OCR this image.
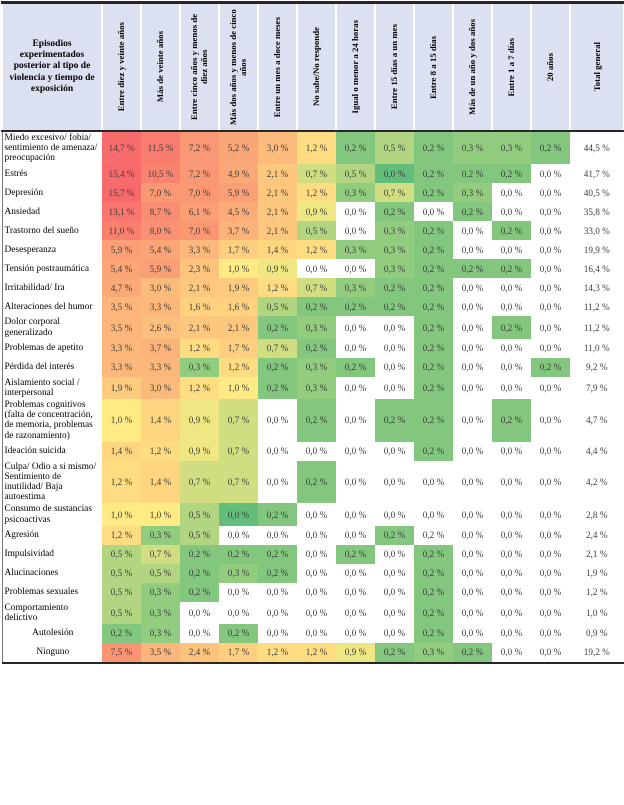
Episodios experimentados posterior al tipo de violencia y tiempo de exposición	Entre diez y veinte años	Más de veinte años	Entre cinco años y menos de diez años	Más dos años y menos de cinco años	Entre un mes a doce meses	No sabe/No responde	Igual o menor a 24 horas	Entre 15 días a un mes	Entre 8 a 15 días	Más de un año y dos años	Entre 1 a 7 días	20 años	Total general

Miedo excesivo/ fobia/ sentimiento de amenaza/ preocupación	14,7 %	11,5 %	7,2 %	5,2 %	3,0 %	1,2 %	0,2 %	0,5 %	0,2 %	0,3 %	0,3 %	0,2 %	44,5 %
Estrés	15,4 %	10,5 %	7,2 %	4,9 %	2,1 %	0,7 %	0,5 %	0,0 %	0,2 %	0,2 %	0,2 %	0,0 %	41,7 %
Depresión	15,7 %	7,0 %	7,0 %	5,9 %	2,1 %	1,2 %	0,3 %	0,7 %	0,2 %	0,3 %	0,0 %	0,0 %	40,5 %
Ansiedad	13,1 %	8,7 %	6,1 %	4,5 %	2,1 %	0,9 %	0,0 %	0,2 %	0,0 %	0,2 %	0,0 %	0,0 %	35,8 %
Trastorno del sueño	11,0 %	8,0 %	7,0 %	3,7 %	2,1 %	0,5 %	0,0 %	0,3 %	0,2 %	0,0 %	0,2 %	0,0 %	33,0 %
Desesperanza	5,9 %	5,4 %	3,3 %	1,7 %	1,4 %	1,2 %	0,3 %	0,3 %	0,2 %	0,0 %	0,0 %	0,0 %	19,9 %
Tensión postraumática	5,4 %	5,9 %	2,3 %	1,0 %	0,9 %	0,0 %	0,0 %	0,3 %	0,2 %	0,2 %	0,2 %	0,0 %	16,4 %
Irritabilidad/ Ira	4,7 %	3,0 %	2,1 %	1,9 %	1,2 %	0,7 %	0,3 %	0,2 %	0,2 %	0,0 %	0,0 %	0,0 %	14,3 %
Alteraciones del humor	3,5 %	3,3 %	1,6 %	1,6 %	0,5 %	0,2 %	0,2 %	0,2 %	0,2 %	0,0 %	0,0 %	0,0 %	11,2 %
Dolor corporal generalizado	3,5 %	2,6 %	2,1 %	2,1 %	0,2 %	0,3 %	0,0 %	0,0 %	0,2 %	0,0 %	0,2 %	0,0 %	11,2 %
Problemas de apetito	3,3 %	3,7 %	1,2 %	1,7 %	0,7 %	0,2 %	0,0 %	0,0 %	0,2 %	0,0 %	0,0 %	0,0 %	11,0 %
Pérdida del interés	3,3 %	3,3 %	0,3 %	1,2 %	0,2 %	0,3 %	0,2 %	0,0 %	0,2 %	0,0 %	0,0 %	0,2 %	9,2 %
Aislamiento social / interpersonal	1,9 %	3,0 %	1,2 %	1,0 %	0,2 %	0,3 %	0,0 %	0,0 %	0,2 %	0,0 %	0,0 %	0,0 %	7,9 %
Problemas cognitivos (falta de concentración, de memoria, problemas de razonamiento)	1,0 %	1,4 %	0,9 %	0,7 %	0,0 %	0,2 %	0,0 %	0,2 %	0,2 %	0,0 %	0,2 %	0,0 %	4,7 %
Ideación suicida	1,4 %	1,2 %	0,9 %	0,7 %	0,0 %	0,0 %	0,0 %	0,0 %	0,2 %	0,0 %	0,0 %	0,0 %	4,4 %
Culpa/ Odio a si mismo/ Sentimiento de inutilidad/ Baja autoestima	1,2 %	1,4 %	0,7 %	0,7 %	0,0 %	0,2 %	0,0 %	0,0 %	0,0 %	0,0 %	0,0 %	0,0 %	4,2 %
Consumo de sustancias psicoactivas	1,0 %	1,0 %	0,5 %	0,0 %	0,2 %	0,0 %	0,0 %	0,0 %	0,0 %	0,0 %	0,0 %	0,0 %	2,8 %
Agresión	1,2 %	0,3 %	0,5 %	0,0 %	0,0 %	0,0 %	0,0 %	0,2 %	0,2 %	0,0 %	0,0 %	0,0 %	2,4 %
Impulsividad	0,5 %	0,7 %	0,2 %	0,2 %	0,2 %	0,0 %	0,2 %	0,0 %	0,2 %	0,0 %	0,0 %	0,0 %	2,1 %
Alucinaciones	0,5 %	0,5 %	0,2 %	0,3 %	0,2 %	0,0 %	0,0 %	0,0 %	0,2 %	0,0 %	0,0 %	0,0 %	1,9 %
Problemas sexuales	0,5 %	0,3 %	0,2 %	0,0 %	0,0 %	0,0 %	0,0 %	0,0 %	0,2 %	0,0 %	0,0 %	0,0 %	1,2 %
Comportamiento delictivo	0,5 %	0,3 %	0,0 %	0,0 %	0,0 %	0,0 %	0,0 %	0,0 %	0,2 %	0,0 %	0,0 %	0,0 %	1,0 %
Autolesión	0,2 %	0,3 %	0,0 %	0,2 %	0,0 %	0,0 %	0,0 %	0,0 %	0,2 %	0,0 %	0,0 %	0,0 %	0,9 %
Ninguno	7,5 %	3,5 %	2,4 %	1,7 %	1,2 %	1,2 %	0,9 %	0,2 %	0,3 %	0,2 %	0,0 %	0,0 %	19,2 %
